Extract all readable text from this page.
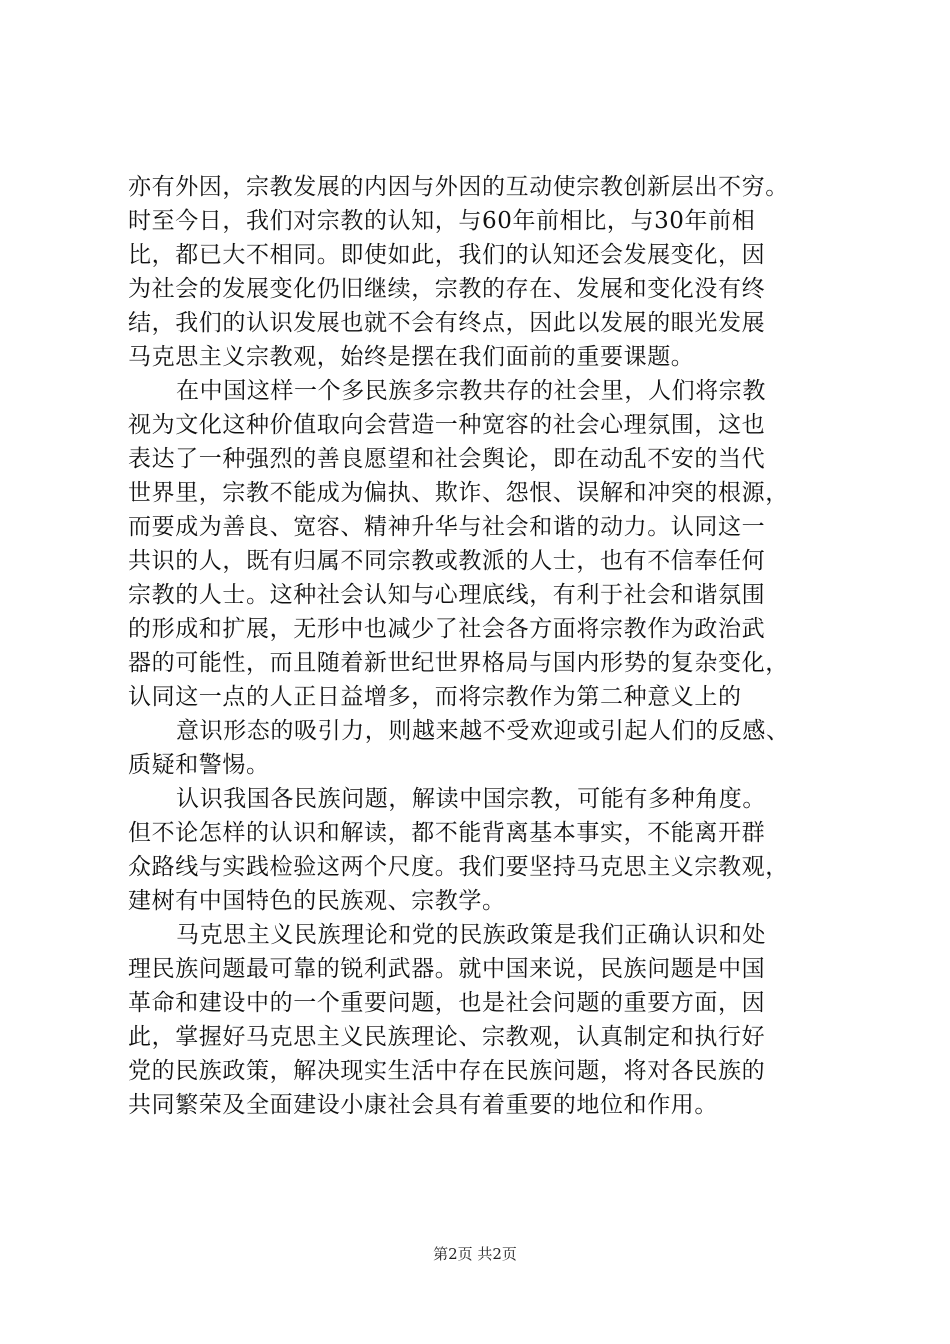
亦有外因，宗教发展的内因与外因的互动使宗教创新层出不穷。
时至今日，我们对宗教的认知，与60年前相比，与30年前相
比，都已大不相同。即使如此，我们的认知还会发展变化，因
为社会的发展变化仍旧继续，宗教的存在、发展和变化没有终
结，我们的认识发展也就不会有终点，因此以发展的眼光发展
马克思主义宗教观，始终是摆在我们面前的重要课题。
在中国这样一个多民族多宗教共存的社会里，人们将宗教
视为文化这种价值取向会营造一种宽容的社会心理氛围，这也
表达了一种强烈的善良愿望和社会舆论，即在动乱不安的当代
世界里，宗教不能成为偏执、欺诈、怨恨、误解和冲突的根源，
而要成为善良、宽容、精神升华与社会和谐的动力。认同这一
共识的人，既有归属不同宗教或教派的人士，也有不信奉任何
宗教的人士。这种社会认知与心理底线，有利于社会和谐氛围
的形成和扩展，无形中也减少了社会各方面将宗教作为政治武
器的可能性，而且随着新世纪世界格局与国内形势的复杂变化，
认同这一点的人正日益增多，而将宗教作为第二种意义上的
意识形态的吸引力，则越来越不受欢迎或引起人们的反感、
质疑和警惕。
认识我国各民族问题，解读中国宗教，可能有多种角度。
但不论怎样的认识和解读，都不能背离基本事实，不能离开群
众路线与实践检验这两个尺度。我们要坚持马克思主义宗教观，
建树有中国特色的民族观、宗教学。
马克思主义民族理论和党的民族政策是我们正确认识和处
理民族问题最可靠的锐利武器。就中国来说，民族问题是中国
革命和建设中的一个重要问题，也是社会问题的重要方面，因
此，掌握好马克思主义民族理论、宗教观，认真制定和执行好
党的民族政策，解决现实生活中存在民族问题，将对各民族的
共同繁荣及全面建设小康社会具有着重要的地位和作用。
第2页 共2页
